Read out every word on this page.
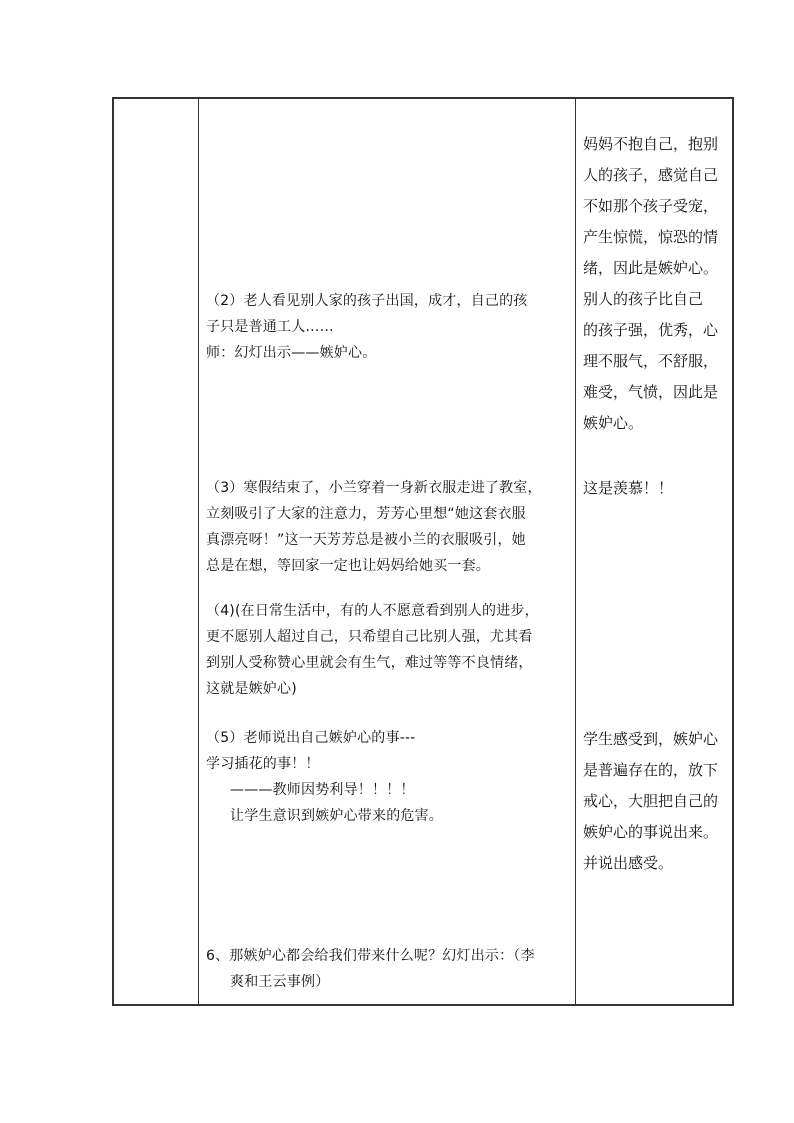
（2）老人看见别人家的孩子出国，成才，自己的孩
子只是普通工人……
师：幻灯出示——嫉妒心。
（3）寒假结束了，小兰穿着一身新衣服走进了教室，
立刻吸引了大家的注意力，芳芳心里想“她这套衣服
真漂亮呀！”这一天芳芳总是被小兰的衣服吸引，她
总是在想，等回家一定也让妈妈给她买一套。
（4)(在日常生活中，有的人不愿意看到别人的进步，
更不愿别人超过自己，只希望自己比别人强，尤其看
到别人受称赞心里就会有生气，难过等等不良情绪，
这就是嫉妒心)
（5）老师说出自己嫉妒心的事---
学习插花的事！！
———教师因势利导！！！！
让学生意识到嫉妒心带来的危害。
6、那嫉妒心都会给我们带来什么呢？幻灯出示：（李
爽和王云事例）
妈妈不抱自己，抱别
人的孩子，感觉自己
不如那个孩子受宠，
产生惊慌，惊恐的情
绪，因此是嫉妒心。
别人的孩子比自己
的孩子强，优秀，心
理不服气，不舒服，
难受，气愤，因此是
嫉妒心。
这是羡慕！！
学生感受到，嫉妒心
是普遍存在的，放下
戒心，大胆把自己的
嫉妒心的事说出来。
并说出感受。
